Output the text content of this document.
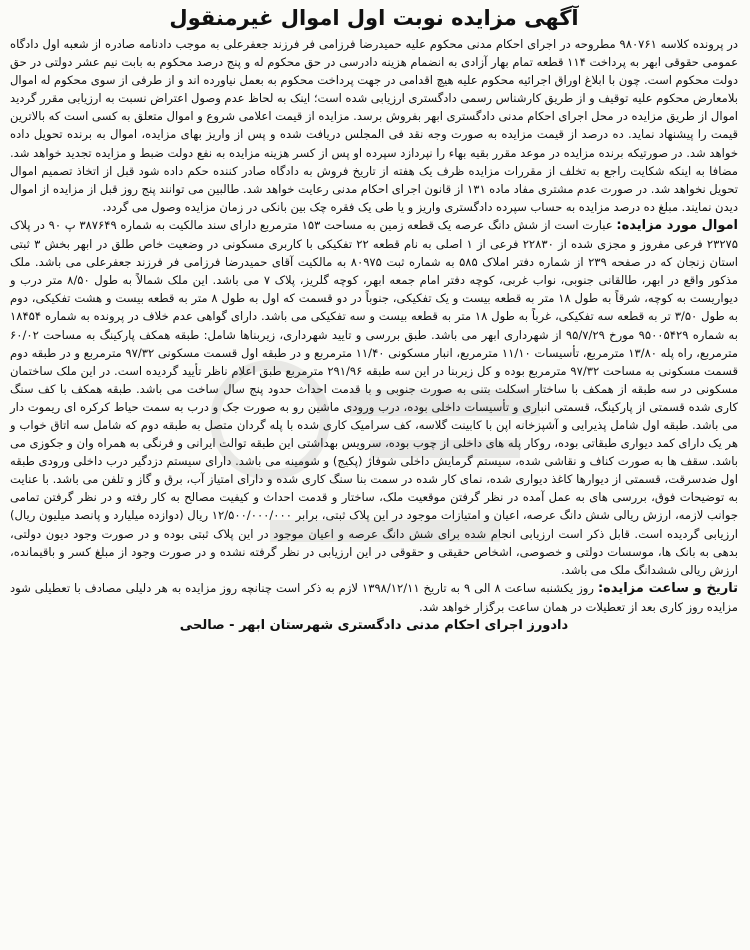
آگهی مزایده نوبت اول اموال غیرمنقول

در پرونده کلاسه ۹۸۰۷۶۱ مطروحه در اجرای احکام مدنی محکوم علیه حمیدرضا فرزامی فر فرزند جعفرعلی به موجب دادنامه صادره از شعبه اول دادگاه عمومی حقوقی ابهر به پرداخت ۱۱۴ قطعه تمام بهار آزادی به انضمام هزینه دادرسی در حق محکوم له و پنج درصد محکوم به بابت نیم عشر دولتی در حق دولت محکوم است. چون با ابلاغ اوراق اجرائیه محکوم علیه هیچ اقدامی در جهت پرداخت محکوم به بعمل نیاورده اند و از طرفی از سوی محکوم له اموال بلامعارض محکوم علیه توقیف و از طریق کارشناس رسمی دادگستری ارزیابی شده است؛ اینک به لحاظ عدم وصول اعتراض نسبت به ارزیابی مقرر گردید اموال از طریق مزایده در محل اجرای احکام مدنی دادگستری ابهر بفروش برسد. مزایده از قیمت اعلامی شروع و اموال متعلق به کسی است که بالاترین قیمت را پیشنهاد نماید. ده درصد از قیمت مزایده به صورت وجه نقد فی المجلس دریافت شده و پس از واریز بهای مزایده، اموال به برنده تحویل داده خواهد شد. در صورتیکه برنده مزایده در موعد مقرر بقیه بهاء را نپردازد سپرده او پس از کسر هزینه مزایده به نفع دولت ضبط و مزایده تجدید خواهد شد. مضافا به اینکه شکایت راجع به تخلف از مقررات مزایده ظرف یک هفته از تاریخ فروش به دادگاه صادر کننده حکم داده شود قبل از اتخاذ تصمیم اموال تحویل نخواهد شد. در صورت عدم مشتری مفاد ماده ۱۳۱ از قانون اجرای احکام مدنی رعایت خواهد شد. طالبین می توانند پنج روز قبل از مزایده از اموال دیدن نمایند. مبلغ ده درصد مزایده به حساب سپرده دادگستری واریز و یا طی یک فقره چک بین بانکی در زمان مزایده وصول می گردد.

اموال مورد مزایده: عبارت است از شش دانگ عرصه یک قطعه زمین به مساحت ۱۵۳ مترمربع دارای سند مالکیت به شماره ۳۸۷۶۴۹ پ ۹۰ در پلاک ۲۳۲۷۵ فرعی مفروز و مجزی شده از ۲۲۸۳۰ فرعی از ۱ اصلی به نام قطعه ۲۲ تفکیکی با کاربری مسکونی در وضعیت خاص طلق در ابهر بخش ۳ ثبتی استان زنجان که در صفحه ۲۳۹ از شماره دفتر املاک ۵۸۵ به شماره ثبت ۸۰۹۷۵ به مالکیت آقای حمیدرضا فرزامی فر فرزند جعفرعلی می باشد. ملک مذکور واقع در ابهر، طالقانی جنوبی، نواب غربی، کوچه دفتر امام جمعه ابهر، کوچه گلریز، پلاک ۷ می باشد. این ملک شمالاً به طول ۸/۵۰ متر درب و دیواریست به کوچه، شرقاً به طول ۱۸ متر به قطعه بیست و یک تفکیکی، جنوباً در دو قسمت که اول به طول ۸ متر به قطعه بیست و هشت تفکیکی، دوم به طول ۳/۵۰ تر به قطعه سه تفکیکی، غرباً به طول ۱۸ متر به قطعه بیست و سه تفکیکی می باشد. دارای گواهی عدم خلاف در پرونده به شماره ۱۸۴۵۴ به شماره ۹۵۰۰۵۴۲۹ مورخ ۹۵/۷/۲۹ از شهرداری ابهر می باشد. طبق بررسی و تایید شهرداری، زیربناها شامل: طبقه همکف پارکینگ به مساحت ۶۰/۰۲ مترمربع، راه پله ۱۳/۸۰ مترمربع، تأسیسات ۱۱/۱۰ مترمربع، انبار مسکونی ۱۱/۴۰ مترمربع و در طبقه اول قسمت مسکونی ۹۷/۳۲ مترمربع و در طبقه دوم قسمت مسکونی به مساحت ۹۷/۳۲ مترمربع بوده و کل زیربنا در این سه طبقه ۲۹۱/۹۶ مترمربع طبق اعلام ناظر تأیید گردیده است. در این ملک ساختمان مسکونی در سه طبقه از همکف با ساختار اسکلت بتنی به صورت جنوبی و با قدمت احداث حدود پنج سال ساخت می باشد. طبقه همکف با کف سنگ کاری شده قسمتی از پارکینگ، قسمتی انباری و تأسیسات داخلی بوده، درب ورودی ماشین رو به صورت جک و درب به سمت حیاط کرکره ای ریموت دار می باشد. طبقه اول شامل پذیرایی و آشپزخانه اپن با کابینت گلاسه، کف سرامیک کاری شده با پله گردان متصل به طبقه دوم که شامل سه اتاق خواب و هر یک دارای کمد دیواری طبقاتی بوده، روکار پله های داخلی از چوب بوده، سرویس بهداشتی این طبقه توالت ایرانی و فرنگی به همراه وان و جکوزی می باشد. سقف ها به صورت کناف و نقاشی شده، سیستم گرمایش داخلی شوفاژ (پکیج) و شومینه می باشد. دارای سیستم دزدگیر درب داخلی ورودی طبقه اول ضدسرقت، قسمتی از دیوارها کاغذ دیواری شده، نمای کار شده در سمت بنا سنگ کاری شده و دارای امتیاز آب، برق و گاز و تلفن می باشد. با عنایت به توضیحات فوق، بررسی های به عمل آمده در نظر گرفتن موقعیت ملک، ساختار و قدمت احداث و کیفیت مصالح به کار رفته و در نظر گرفتن تمامی جوانب لازمه، ارزش ریالی شش دانگ عرصه، اعیان و امتیازات موجود در این پلاک ثبتی، برابر ۱۲/۵۰۰/۰۰۰/۰۰۰ ریال (دوازده میلیارد و پانصد میلیون ریال) ارزیابی گردیده است. قابل ذکر است ارزیابی انجام شده برای شش دانگ عرصه و اعیان موجود در این پلاک ثبتی بوده و در صورت وجود دیون دولتی، بدهی به بانک ها، موسسات دولتی و خصوصی، اشخاص حقیقی و حقوقی در این ارزیابی در نظر گرفته نشده و در صورت وجود از مبلغ کسر و باقیمانده، ارزش ریالی ششدانگ ملک می باشد.

تاریخ و ساعت مزایده: روز یکشنبه ساعت ۸ الی ۹ به تاریخ ۱۳۹۸/۱۲/۱۱ لازم به ذکر است چنانچه روز مزایده به هر دلیلی مصادف با تعطیلی شود مزایده روز کاری بعد از تعطیلات در همان ساعت برگزار خواهد شد.

دادورز اجرای احکام مدنی دادگستری شهرستان ابهر - صالحی
